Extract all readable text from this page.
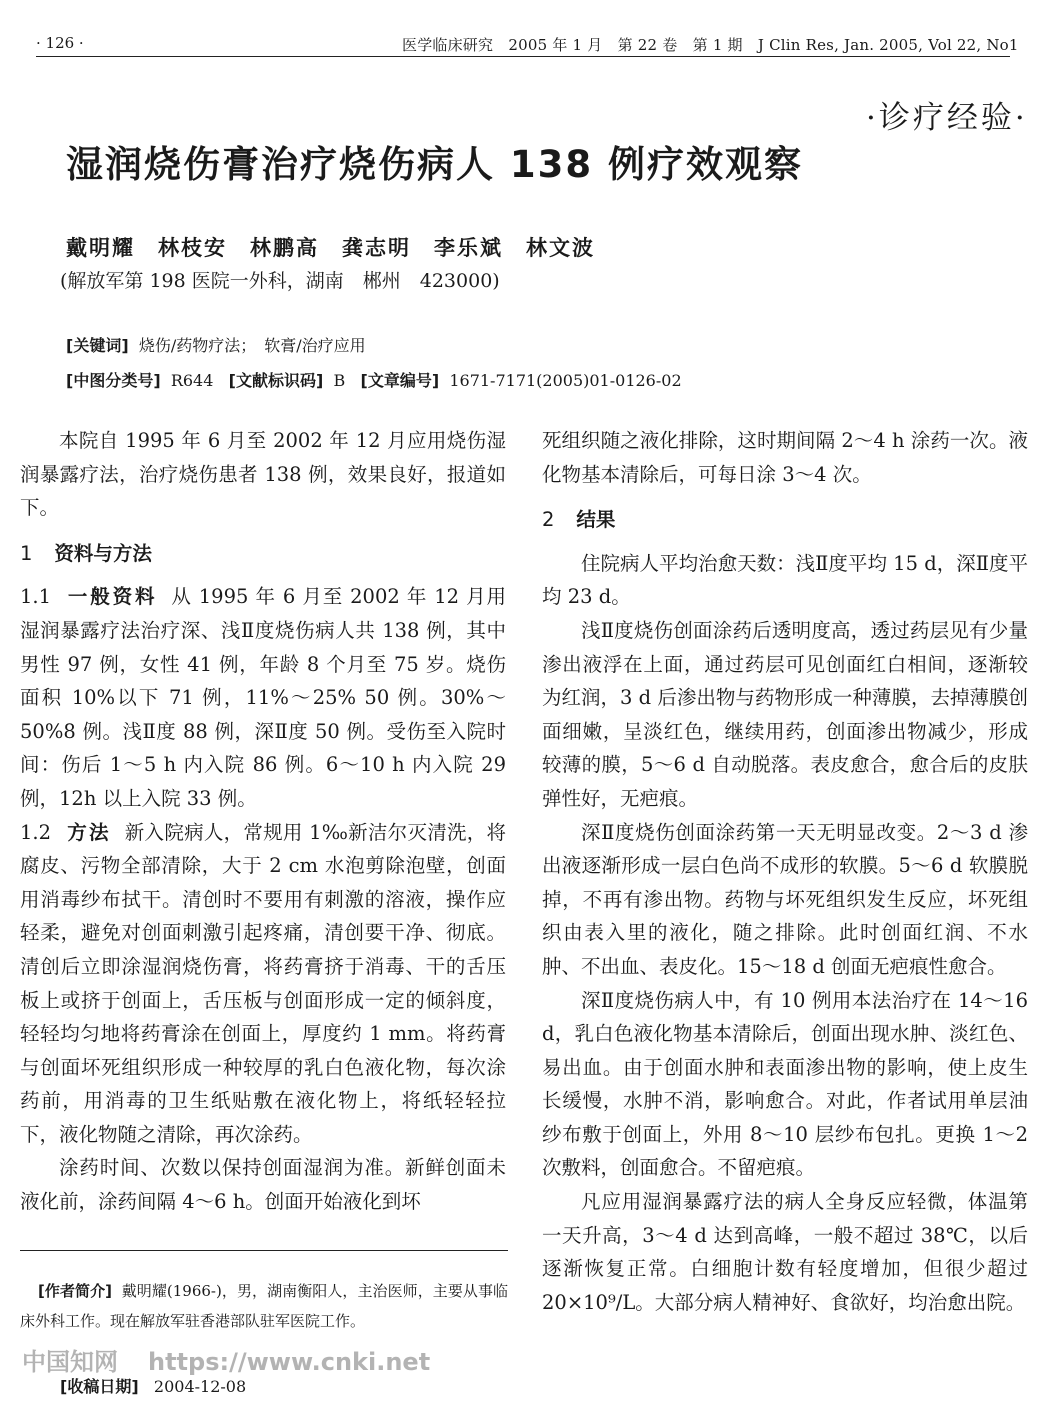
· 126 ·	医学临床研究　2005 年 1 月　第 22 卷　第 1 期　J Clin Res, Jan. 2005, Vol 22, No1
·诊疗经验·
湿润烧伤膏治疗烧伤病人 138 例疗效观察
戴明耀　林枝安　林鹏高　龚志明　李乐斌　林文波
(解放军第 198 医院一外科，湖南　郴州　423000)
[关键词] 烧伤/药物疗法；　软膏/治疗应用
[中图分类号] R644 [文献标识码] B [文章编号] 1671-7171(2005)01-0126-02

本院自 1995 年 6 月至 2002 年 12 月应用烧伤湿润暴露疗法，治疗烧伤患者 138 例，效果良好，报道如下。

1 资料与方法

1.1 一般资料 从 1995 年 6 月至 2002 年 12 月用湿润暴露疗法治疗深、浅Ⅱ度烧伤病人共 138 例，其中男性 97 例，女性 41 例，年龄 8 个月至 75 岁。烧伤面积 10%以下 71 例，11%～25% 50 例。30%～50%8 例。浅Ⅱ度 88 例，深Ⅱ度 50 例。受伤至入院时间：伤后 1～5 h 内入院 86 例。6～10 h 内入院 29 例，12h 以上入院 33 例。

1.2 方法 新入院病人，常规用 1‰新洁尔灭清洗，将腐皮、污物全部清除，大于 2 cm 水泡剪除泡壁，创面用消毒纱布拭干。清创时不要用有刺激的溶液，操作应轻柔，避免对创面刺激引起疼痛，清创要干净、彻底。清创后立即涂湿润烧伤膏，将药膏挤于消毒、干的舌压板上或挤于创面上，舌压板与创面形成一定的倾斜度，轻轻均匀地将药膏涂在创面上，厚度约 1 mm。将药膏与创面坏死组织形成一种较厚的乳白色液化物，每次涂药前，用消毒的卫生纸贴敷在液化物上，将纸轻轻拉下，液化物随之清除，再次涂药。

涂药时间、次数以保持创面湿润为准。新鲜创面未液化前，涂药间隔 4～6 h。创面开始液化到坏

死组织随之液化排除，这时期间隔 2～4 h 涂药一次。液化物基本清除后，可每日涂 3～4 次。

2 结果

住院病人平均治愈天数：浅Ⅱ度平均 15 d，深Ⅱ度平均 23 d。

浅Ⅱ度烧伤创面涂药后透明度高，透过药层见有少量渗出液浮在上面，通过药层可见创面红白相间，逐渐较为红润，3 d 后渗出物与药物形成一种薄膜，去掉薄膜创面细嫩，呈淡红色，继续用药，创面渗出物减少，形成较薄的膜，5～6 d 自动脱落。表皮愈合，愈合后的皮肤弹性好，无疤痕。

深Ⅱ度烧伤创面涂药第一天无明显改变。2～3 d 渗出液逐渐形成一层白色尚不成形的软膜。5～6 d 软膜脱掉，不再有渗出物。药物与坏死组织发生反应，坏死组织由表入里的液化，随之排除。此时创面红润、不水肿、不出血、表皮化。15～18 d 创面无疤痕性愈合。

深Ⅱ度烧伤病人中，有 10 例用本法治疗在 14～16 d，乳白色液化物基本清除后，创面出现水肿、淡红色、易出血。由于创面水肿和表面渗出物的影响，使上皮生长缓慢，水肿不消，影响愈合。对此，作者试用单层油纱布敷于创面上，外用 8～10 层纱布包扎。更换 1～2 次敷料，创面愈合。不留疤痕。

凡应用湿润暴露疗法的病人全身反应轻微，体温第一天升高，3～4 d 达到高峰，一般不超过 38℃，以后逐渐恢复正常。白细胞计数有轻度增加，但很少超过 20×10⁹/L。大部分病人精神好、食欲好，均治愈出院。

[作者简介] 戴明耀(1966-)，男，湖南衡阳人，主治医师，主要从事临床外科工作。现在解放军驻香港部队驻军医院工作。
中国知网 https://www.cnki.net
[收稿日期] 2004-12-08
